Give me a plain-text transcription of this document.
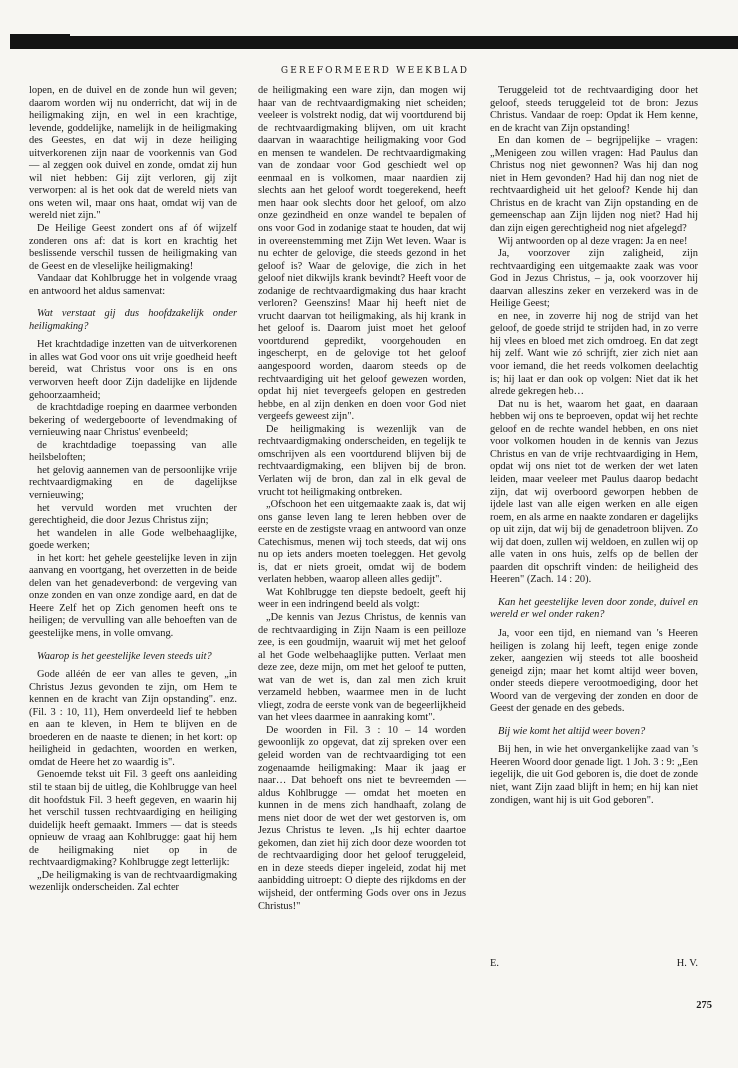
GEREFORMEERD WEEKBLAD

lopen, en de duivel en de zonde hun wil geven; daarom worden wij nu onderricht, dat wij in de heiligmaking zijn, en wel in een krachtige, levende, goddelijke, namelijk in de heiligmaking des Geestes, en dat wij in deze heiliging uitverkorenen zijn naar de voorkennis van God — al zeggen ook duivel en zonde, omdat zij hun wil niet hebben: Gij zijt verloren, gij zijt verworpen: al is het ook dat de wereld niets van ons weten wil, maar ons haat, omdat wij van de wereld niet zijn."

De Heilige Geest zondert ons af óf wijzelf zonderen ons af: dat is kort en krachtig het beslissende verschil tussen de heiligmaking van de Geest en de vleselijke heiligmaking!

Vandaar dat Kohlbrugge het in volgende vraag en antwoord het aldus samenvat:

Wat verstaat gij dus hoofdzakelijk onder heiligmaking?

Het krachtdadige inzetten van de uitverkorenen in alles wat God voor ons uit vrije goedheid heeft bereid, wat Christus voor ons is en ons verworven heeft door Zijn dadelijke en lijdende gehoorzaamheid;

de krachtdadige roeping en daarmee verbonden bekering of wedergeboorte of levendmaking of vernieuwing naar Christus' evenbeeld;

de krachtdadige toepassing van alle heilsbeloften;

het gelovig aannemen van de persoonlijke vrije rechtvaardigmaking en de dagelijkse vernieuwing;

het vervuld worden met vruchten der gerechtigheid, die door Jezus Christus zijn;

het wandelen in alle Gode welbehaaglijke, goede werken;

in het kort: het gehele geestelijke leven in zijn aanvang en voortgang, het overzetten in de beide delen van het genadeverbond: de vergeving van onze zonden en van onze zondige aard, en dat de Heere Zelf het op Zich genomen heeft ons te heiligen; de vervulling van alle behoeften van de geestelijke mens, in volle omvang.

Waarop is het geestelijke leven steeds uit?

Gode alléén de eer van alles te geven, „in Christus Jezus gevonden te zijn, om Hem te kennen en de kracht van Zijn opstanding". enz. (Fil. 3 : 10, 11), Hem onverdeeld lief te hebben en aan te kleven, in Hem te blijven en de broederen en de naaste te dienen; in het kort: op heiligheid in gedachten, woorden en werken, omdat de Heere het zo waardig is".

Genoemde tekst uit Fil. 3 geeft ons aanleiding stil te staan bij de uitleg, die Kohlbrugge van heel dit hoofdstuk Fil. 3 heeft gegeven, en waarin hij het verschil tussen rechtvaardiging en heiliging duidelijk heeft gemaakt. Immers — dat is steeds opnieuw de vraag aan Kohlbrugge: gaat hij hem de heiligmaking niet op in de rechtvaardigmaking? Kohlbrugge zegt letterlijk:

„De heiligmaking is van de rechtvaardigmaking wezenlijk onderscheiden. Zal echter

de heiligmaking een ware zijn, dan mogen wij haar van de rechtvaardigmaking niet scheiden; veeleer is volstrekt nodig, dat wij voortdurend bij de rechtvaardigmaking blijven, om uit kracht daarvan in waarachtige heiligmaking voor God en mensen te wandelen. De rechtvaardigmaking van de zondaar voor God geschiedt wel op eenmaal en is volkomen, maar naardien zij slechts aan het geloof wordt toegerekend, heeft men haar ook slechts door het geloof, om alzo onze gezindheid en onze wandel te bepalen of ons voor God in zodanige staat te houden, dat wij in overeenstemming met Zijn Wet leven. Waar is nu echter de gelovige, die steeds gezond in het geloof is? Waar de gelovige, die zich in het geloof niet dikwijls krank bevindt? Heeft voor de zodanige de rechtvaardigmaking dus haar kracht verloren? Geenszins! Maar hij heeft niet de vrucht daarvan tot heiligmaking, als hij krank in het geloof is. Daarom juist moet het geloof voortdurend gepredikt, voorgehouden en ingescherpt, en de gelovige tot het geloof aangespoord worden, daarom steeds op de rechtvaardiging uit het geloof gewezen worden, opdat hij niet tevergeefs gelopen en gestreden hebbe, en al zijn denken en doen voor God niet vergeefs geweest zijn".

De heiligmaking is wezenlijk van de rechtvaardigmaking onderscheiden, en tegelijk te omschrijven als een voortdurend blijven bij de rechtvaardigmaking, een blijven bij de bron. Verlaten wij de bron, dan zal in elk geval de vrucht tot heiligmaking ontbreken.

„Ofschoon het een uitgemaakte zaak is, dat wij ons ganse leven lang te leren hebben over de eerste en de zestigste vraag en antwoord van onze Catechismus, menen wij toch steeds, dat wij ons nu op iets anders moeten toeleggen. Het gevolg is, dat er niets groeit, omdat wij de bodem verlaten hebben, waarop alleen alles gedijt".

Wat Kohlbrugge ten diepste bedoelt, geeft hij weer in een indringend beeld als volgt:

„De kennis van Jezus Christus, de kennis van de rechtvaardiging in Zijn Naam is een peilloze zee, is een goudmijn, waaruit wij met het geloof al het Gode welbehaaglijke putten. Verlaat men deze zee, deze mijn, om met het geloof te putten, wat van de wet is, dan zal men zich kruit verzameld hebben, waarmee men in de lucht vliegt, zodra de eerste vonk van de begeerlijkheid van het vlees daarmee in aanraking komt".

De woorden in Fil. 3 : 10 – 14 worden gewoonlijk zo opgevat, dat zij spreken over een geleid worden van de rechtvaardiging tot een zogenaamde heiligmaking: Maar ik jaag er naar… Dat behoeft ons niet te bevreemden — aldus Kohlbrugge — omdat het moeten en kunnen in de mens zich handhaaft, zolang de mens niet door de wet der wet gestorven is, om Jezus Christus te leven. „Is hij echter daartoe gekomen, dan ziet hij zich door deze woorden tot de rechtvaardiging door het geloof teruggeleid, en in deze steeds dieper ingeleid, zodat hij met aanbidding uitroept: O diepte des rijkdoms en der wijsheid, der ontferming Gods over ons in Jezus Christus!"

Teruggeleid tot de rechtvaardiging door het geloof, steeds teruggeleid tot de bron: Jezus Christus. Vandaar de roep: Opdat ik Hem kenne, en de kracht van Zijn opstanding!

En dan komen de – begrijpelijke – vragen: „Menigeen zou willen vragen: Had Paulus dan Christus nog niet gewonnen? Was hij dan nog niet in Hem gevonden? Had hij dan nog niet de rechtvaardigheid uit het geloof? Kende hij dan Christus en de kracht van Zijn opstanding en de gemeenschap aan Zijn lijden nog niet? Had hij dan zijn eigen gerechtigheid nog niet afgelegd?

Wij antwoorden op al deze vragen: Ja en nee!

Ja, voorzover zijn zaligheid, zijn rechtvaardiging een uitgemaakte zaak was voor God in Jezus Christus, – ja, ook voorzover hij daarvan alleszins zeker en verzekerd was in de Heilige Geest;

en nee, in zoverre hij nog de strijd van het geloof, de goede strijd te strijden had, in zo verre hij vlees en bloed met zich omdroeg. En dat zegt hij zelf. Want wie zó schrijft, zier zich niet aan voor iemand, die het reeds volkomen deelachtig is; hij laat er dan ook op volgen: Niet dat ik het alrede gekregen heb…

Dat nu is het, waarom het gaat, en daaraan hebben wij ons te beproeven, opdat wij het rechte geloof en de rechte wandel hebben, en ons niet voor volkomen houden in de kennis van Jezus Christus en van de vrije rechtvaardiging in Hem, opdat wij ons niet tot de werken der wet laten leiden, maar veeleer met Paulus daarop bedacht zijn, dat wij overboord geworpen hebben de ijdele last van alle eigen werken en alle eigen roem, en als arme en naakte zondaren er dagelijks op uit zijn, dat wij bij de genadetroon blijven. Zo wij dat doen, zullen wij weldoen, en zullen wij op alle vaten in ons huis, zelfs op de bellen der paarden dit opschrift vinden: de heiligheid des Heeren" (Zach. 14 : 20).

Kan het geestelijke leven door zonde, duivel en wereld er wel onder raken?

Ja, voor een tijd, en niemand van 's Heeren heiligen is zolang hij leeft, tegen enige zonde zeker, aangezien wij steeds tot alle boosheid geneigd zijn; maar het komt altijd weer boven, onder steeds diepere verootmoediging, door het Woord van de vergeving der zonden en door de Geest der genade en des gebeds.

Bij wie komt het altijd weer boven?

Bij hen, in wie het onvergankelijke zaad van 's Heeren Woord door genade ligt. 1 Joh. 3 : 9: „Een iegelijk, die uit God geboren is, die doet de zonde niet, want Zijn zaad blijft in hem; en hij kan niet zondigen, want hij is uit God geboren".

E.	H. V.
275
